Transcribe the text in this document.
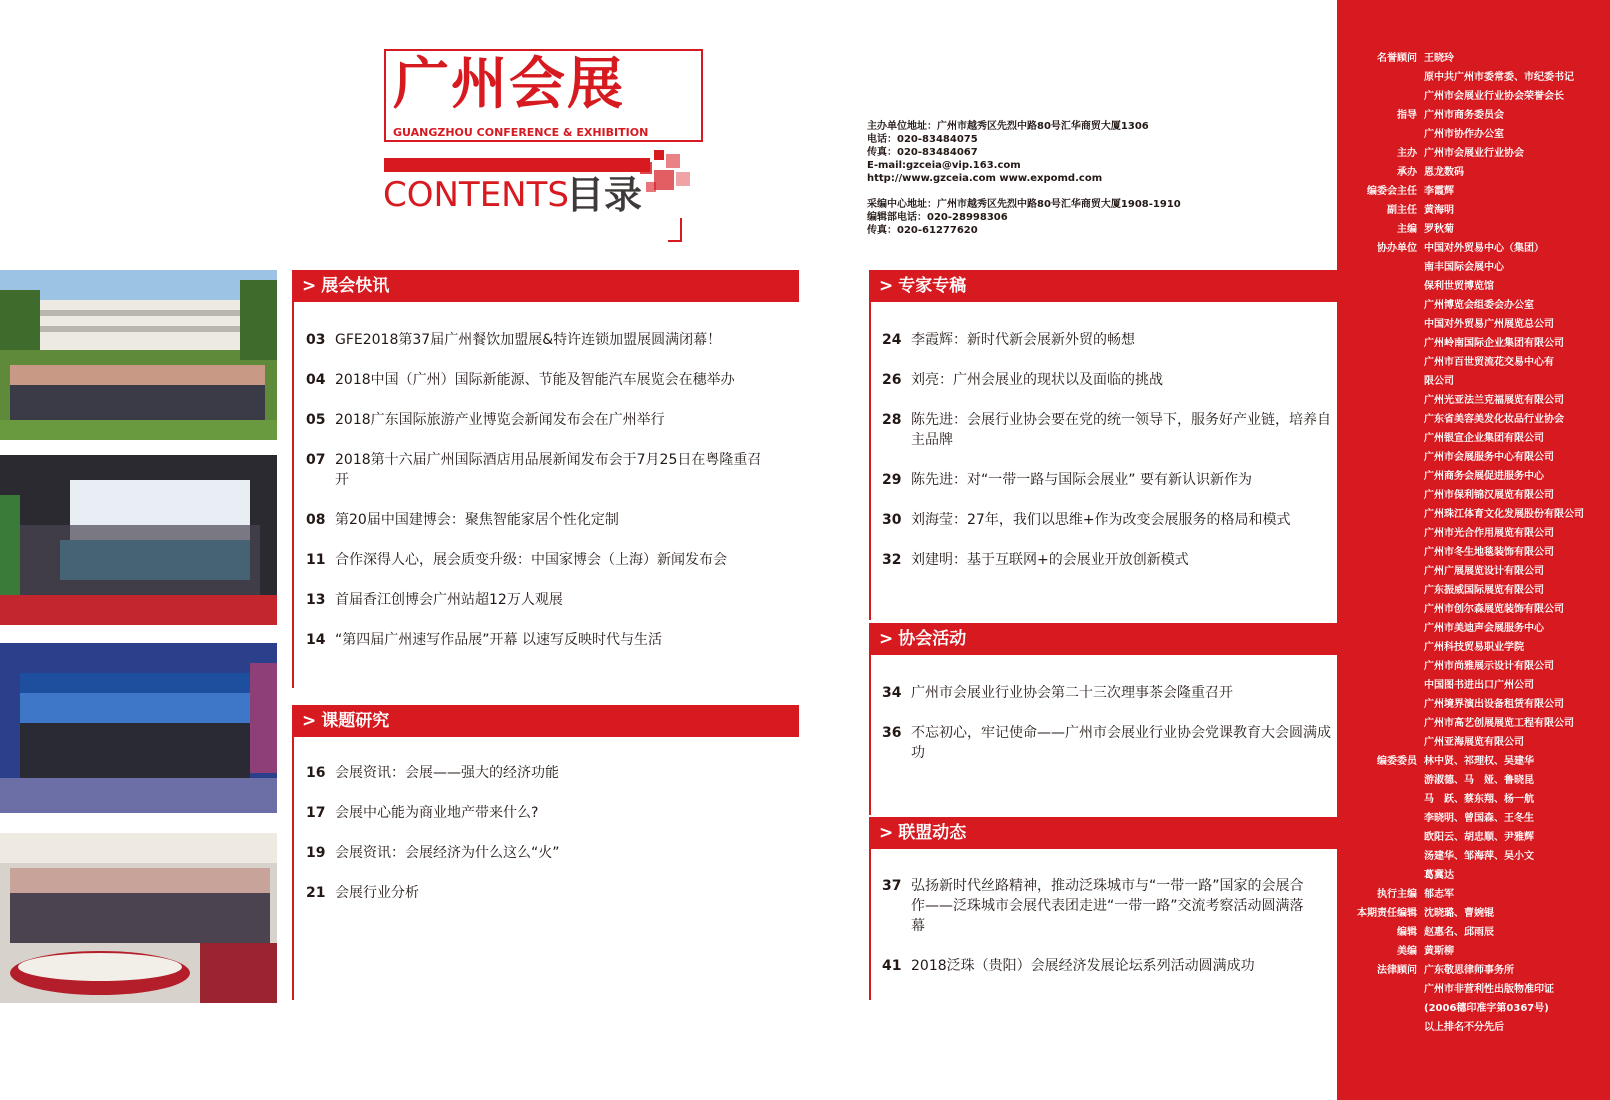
广州会展
GUANGZHOU CONFERENCE & EXHIBITION
CONTENTS
目录
主办单位地址：广州市越秀区先烈中路80号汇华商贸大厦1306
电话：020-83484075
传真：020-83484067
E-mail:gzceia@vip.163.com
http://www.gzceia.com www.expomd.com
采编中心地址：广州市越秀区先烈中路80号汇华商贸大厦1908-1910
编辑部电话：020-28998306
传真：020-61277620
> 展会快讯
03 GFE2018第37届广州餐饮加盟展&特许连锁加盟展圆满闭幕！
04 2018中国（广州）国际新能源、节能及智能汽车展览会在穗举办
05 2018广东国际旅游产业博览会新闻发布会在广州举行
07 2018第十六届广州国际酒店用品展新闻发布会于7月25日在粤隆重召开
08 第20届中国建博会：聚焦智能家居个性化定制
11 合作深得人心，展会质变升级：中国家博会（上海）新闻发布会
13 首届香江创博会广州站超12万人观展
14 “第四届广州速写作品展”开幕 以速写反映时代与生活
> 课题研究
16 会展资讯：会展——强大的经济功能
17 会展中心能为商业地产带来什么?
19 会展资讯：会展经济为什么这么“火”
21 会展行业分析
> 专家专稿
24 李霞辉：新时代新会展新外贸的畅想
26 刘亮：广州会展业的现状以及面临的挑战
28 陈先进：会展行业协会要在党的统一领导下，服务好产业链，培养自主品牌
29 陈先进：对“一带一路与国际会展业” 要有新认识新作为
30 刘海莹：27年，我们以思维+作为改变会展服务的格局和模式
32 刘建明：基于互联网+的会展业开放创新模式
> 协会活动
34 广州市会展业行业协会第二十三次理事茶会隆重召开
36 不忘初心，牢记使命——广州市会展业行业协会党课教育大会圆满成功
> 联盟动态
37 弘扬新时代丝路精神，推动泛珠城市与“一带一路”国家的会展合作——泛珠城市会展代表团走进“一带一路”交流考察活动圆满落幕
41 2018泛珠（贵阳）会展经济发展论坛系列活动圆满成功
名誉顾问 王晓玲
原中共广州市委常委、市纪委书记
广州市会展业行业协会荣誉会长
指导 广州市商务委员会
广州市协作办公室
主办 广州市会展业行业协会
承办 恩龙数码
编委会主任 李霞辉
副主任 黄海明
主编 罗秋菊
协办单位 中国对外贸易中心（集团）
南丰国际会展中心
保利世贸博览馆
广州博览会组委会办公室
中国对外贸易广州展览总公司
广州岭南国际企业集团有限公司
广州市百世贸流花交易中心有
限公司
广州光亚法兰克福展览有限公司
广东省美容美发化妆品行业协会
广州银宣企业集团有限公司
广州市会展服务中心有限公司
广州商务会展促进服务中心
广州市保利锦汉展览有限公司
广州珠江体育文化发展股份有限公司
广州市光合作用展览有限公司
广州市冬生地毯装饰有限公司
广州广展展览设计有限公司
广东振威国际展览有限公司
广州市创尔森展览装饰有限公司
广州市美迪声会展服务中心
广州科技贸易职业学院
广州市尚雅展示设计有限公司
中国图书进出口广州公司
广州境界演出设备租赁有限公司
广州市高艺创展展览工程有限公司
广州亚海展览有限公司
编委委员 林中贤、祁理权、吴建华
游淑德、马　娅、鲁晓昆
马　跃、蔡东翔、杨一航
李晓明、曾国森、王冬生
欧阳云、胡忠顺、尹雅辉
汤建华、邹海萍、吴小文
葛冀达
执行主编 郁志军
本期责任编辑 沈晓璐、曹婉锟
编辑 赵惠名、邱雨辰
美编 黄斯柳
法律顾问 广东敬思律师事务所
广州市非营利性出版物准印证
(2006穗印准字第0367号)
以上排名不分先后
